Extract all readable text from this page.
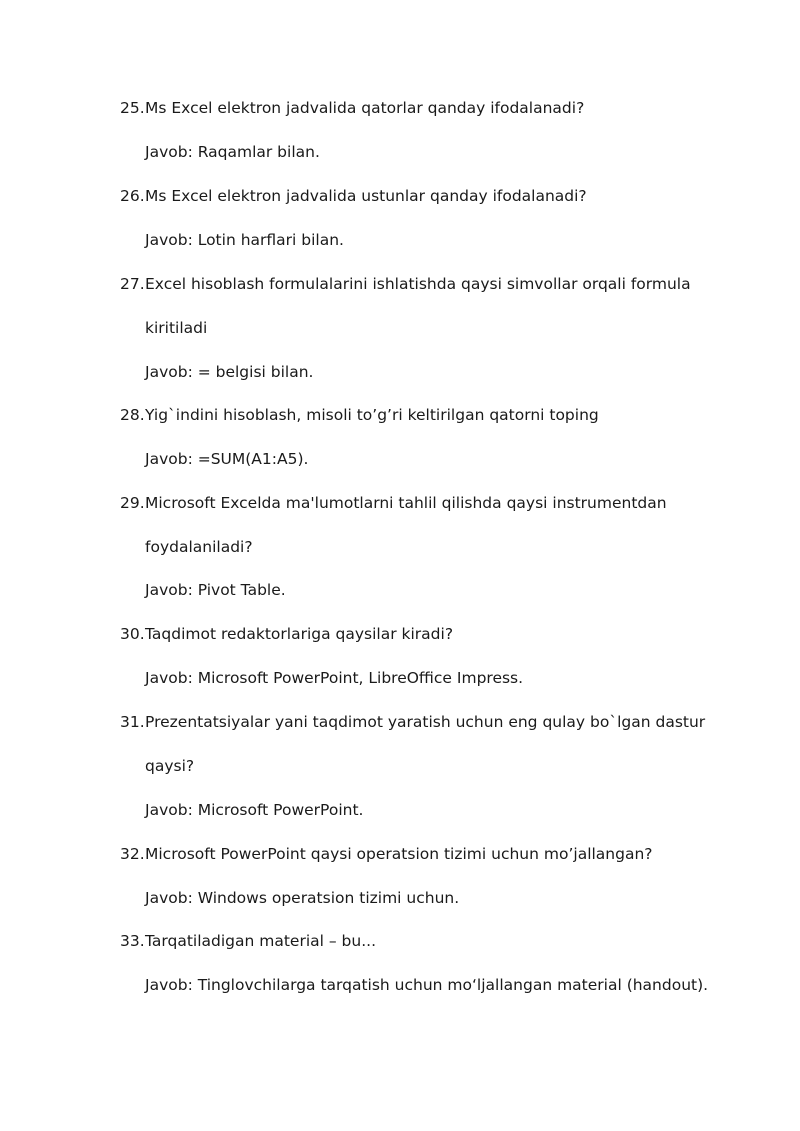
25. Ms Excel elektron jadvalida qatorlar qanday ifodalanadi?
Javob: Raqamlar bilan.
26. Ms Excel elektron jadvalida ustunlar qanday ifodalanadi?
Javob: Lotin harflari bilan.
27. Excel hisoblash formulalarini ishlatishda qaysi simvollar orqali formula
kiritiladi
Javob: = belgisi bilan.
28. Yig`indini hisoblash, misoli to’g’ri keltirilgan qatorni toping
Javob: =SUM(A1:A5).
29. Microsoft Excelda ma'lumotlarni tahlil qilishda qaysi instrumentdan
foydalaniladi?
Javob: Pivot Table.
30. Taqdimot redaktorlariga qaysilar kiradi?
Javob: Microsoft PowerPoint, LibreOffice Impress.
31. Prezentatsiyalar yani taqdimot yaratish uchun eng qulay bo`lgan dastur
qaysi?
Javob: Microsoft PowerPoint.
32. Microsoft PowerPoint qaysi operatsion tizimi uchun mo’jallangan?
Javob: Windows operatsion tizimi uchun.
33. Tarqatiladigan material – bu...
Javob: Tinglovchilarga tarqatish uchun mo‘ljallangan material (handout).
